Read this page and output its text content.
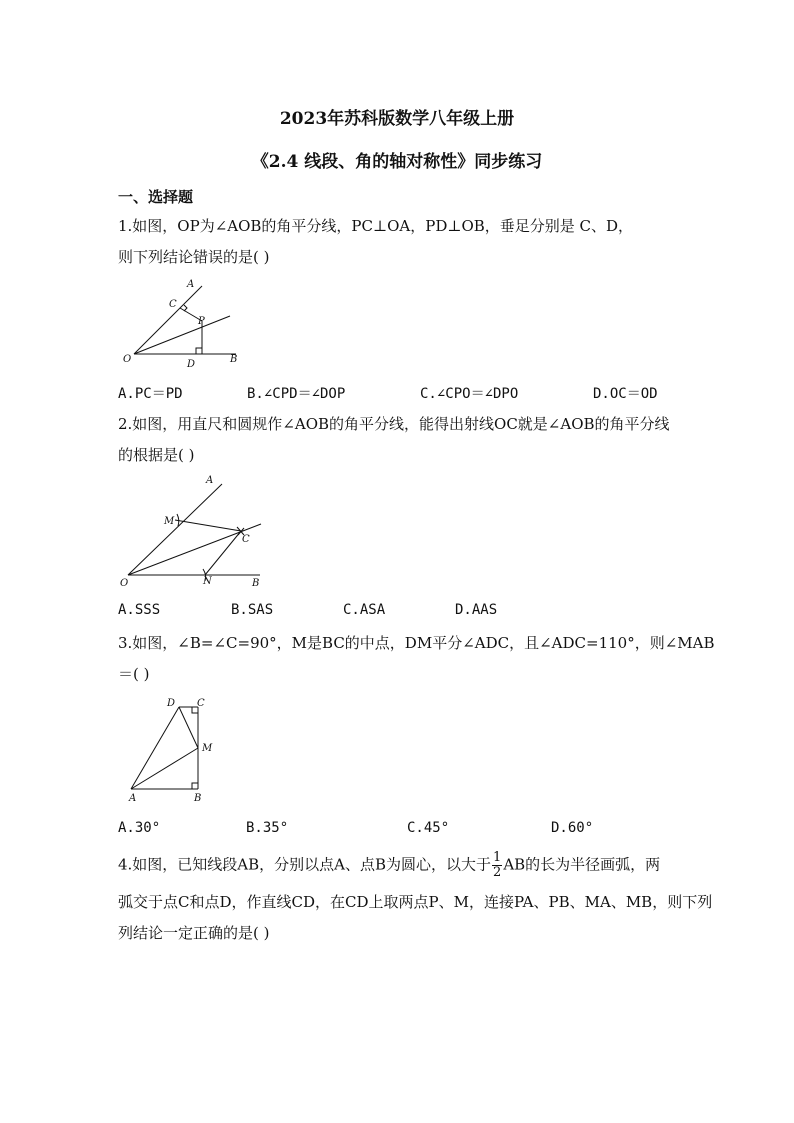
2023年苏科版数学八年级上册
《2.4 线段、角的轴对称性》同步练习
一、选择题
1.如图，OP为∠AOB的角平分线，PC⊥OA，PD⊥OB，垂足分别是 C、D，
则下列结论错误的是( )
A
C
P
O	D	B
A.PC＝PD	B.∠CPD＝∠DOP	C.∠CPO＝∠DPO	D.OC＝OD
2.如图，用直尺和圆规作∠AOB的角平分线，能得出射线OC就是∠AOB的角平分线
的根据是( )
A
M
C
O	N	B
A.SSS	B.SAS	C.ASA	D.AAS
3.如图，∠B=∠C=90°，M是BC的中点，DM平分∠ADC，且∠ADC=110°，则∠MAB
＝( )
D C
M
A	B
A.30°	B.35°	C.45°	D.60°
4.如图，已知线段AB，分别以点A、点B为圆心，以大于 $\frac{1}{2}$ AB的长为半径画弧，两
弧交于点C和点D，作直线CD，在CD上取两点P、M，连接PA、PB、MA、MB，则下列
列结论一定正确的是( )
